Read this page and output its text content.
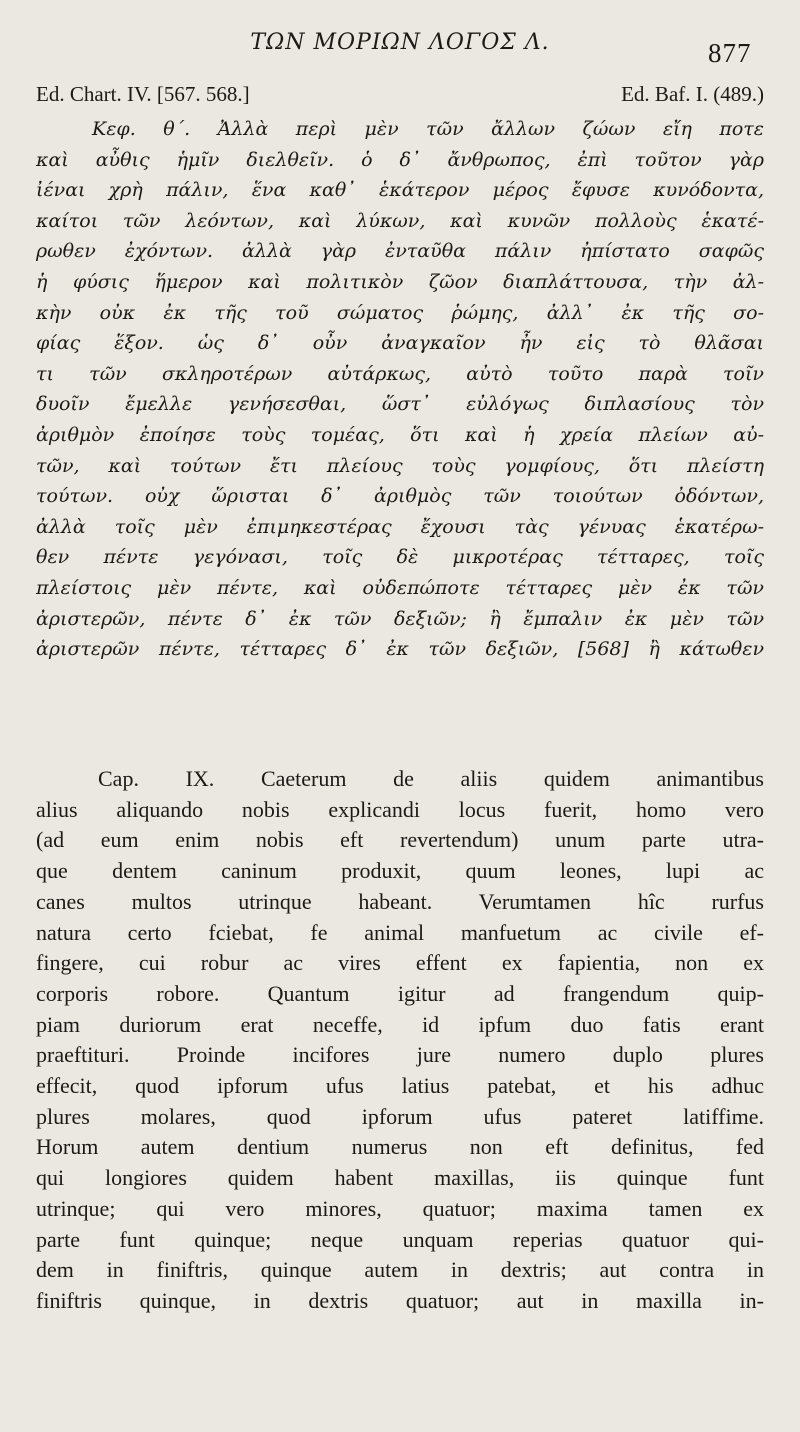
ΤΩΝ ΜΟΡΙΩΝ ΛΟΓΟΣ Λ.	877
Ed. Chart. IV. [567. 568.]	Ed. Baf. I. (489.)
Κεφ. θ΄. Ἀλλὰ περὶ μὲν τῶν ἄλλων ζώων εἴη ποτε
καὶ αὖθις ἡμῖν διελθεῖν. ὁ δ᾽ ἄνθρωπος, ἐπὶ τοῦτον γὰρ
ἰέναι χρὴ πάλιν, ἕνα καθ᾽ ἑκάτερον μέρος ἔφυσε κυνόδοντα,
καίτοι τῶν λεόντων, καὶ λύκων, καὶ κυνῶν πολλοὺς ἑκατέ-
ρωθεν ἐχόντων. ἀλλὰ γὰρ ἐνταῦθα πάλιν ἠπίστατο σαφῶς
ἡ φύσις ἥμερον καὶ πολιτικὸν ζῶον διαπλάττουσα, τὴν ἀλ-
κὴν οὐκ ἐκ τῆς τοῦ σώματος ῥώμης, ἀλλ᾽ ἐκ τῆς σο-
φίας ἕξον. ὡς δ᾽ οὖν ἀναγκαῖον ἦν εἰς τὸ θλᾶσαι
τι τῶν σκληροτέρων αὐτάρκως, αὐτὸ τοῦτο παρὰ τοῖν
δυοῖν ἔμελλε γενήσεσθαι, ὥστ᾽ εὐλόγως διπλασίους τὸν
ἀριθμὸν ἐποίησε τοὺς τομέας, ὅτι καὶ ἡ χρεία πλείων αὐ-
τῶν, καὶ τούτων ἔτι πλείους τοὺς γομφίους, ὅτι πλείστη
τούτων. οὐχ ὥρισται δ᾽ ἀριθμὸς τῶν τοιούτων ὀδόντων,
ἀλλὰ τοῖς μὲν ἐπιμηκεστέρας ἔχουσι τὰς γένυας ἑκατέρω-
θεν πέντε γεγόνασι, τοῖς δὲ μικροτέρας τέτταρες, τοῖς
πλείστοις μὲν πέντε, καὶ οὐδεπώποτε τέτταρες μὲν ἐκ τῶν
ἀριστερῶν, πέντε δ᾽ ἐκ τῶν δεξιῶν; ἢ ἔμπαλιν ἐκ μὲν τῶν
ἀριστερῶν πέντε, τέτταρες δ᾽ ἐκ τῶν δεξιῶν, [568] ἢ κάτωθεν
Cap. IX. Caeterum de aliis quidem animantibus
alius aliquando nobis explicandi locus fuerit, homo vero
(ad eum enim nobis eft revertendum) unum parte utra-
que dentem caninum produxit, quum leones, lupi ac
canes multos utrinque habeant. Verumtamen hîc rurfus
natura certo fciebat, fe animal manfuetum ac civile ef-
fingere, cui robur ac vires effent ex fapientia, non ex
corporis robore. Quantum igitur ad frangendum quip-
piam duriorum erat neceffe, id ipfum duo fatis erant
praeftituri. Proinde incifores jure numero duplo plures
effecit, quod ipforum ufus latius patebat, et his adhuc
plures molares, quod ipforum ufus pateret latiffime.
Horum autem dentium numerus non eft definitus, fed
qui longiores quidem habent maxillas, iis quinque funt
utrinque; qui vero minores, quatuor; maxima tamen ex
parte funt quinque; neque unquam reperias quatuor qui-
dem in finiftris, quinque autem in dextris; aut contra in
finiftris quinque, in dextris quatuor; aut in maxilla in-
